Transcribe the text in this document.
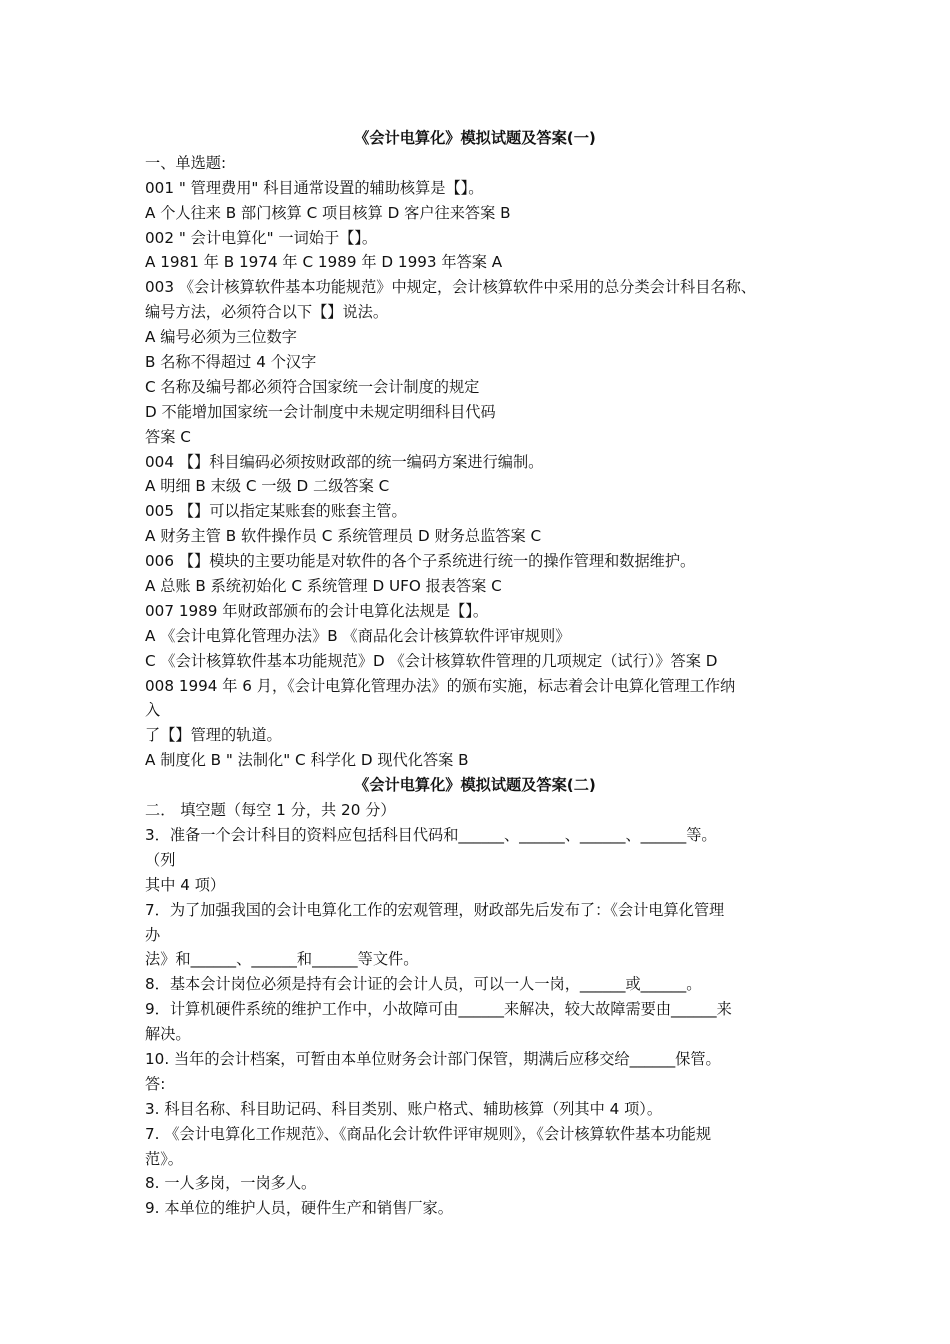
《会计电算化》模拟试题及答案(一)
一、单选题:
001 " 管理费用" 科目通常设置的辅助核算是【】。
A 个人往来 B 部门核算 C 项目核算 D 客户往来答案 B
002 " 会计电算化" 一词始于【】。
A 1981 年 B 1974 年 C 1989 年 D 1993 年答案 A
003 《会计核算软件基本功能规范》中规定，会计核算软件中采用的总分类会计科目名称、
编号方法，必须符合以下【】说法。
A 编号必须为三位数字
B 名称不得超过 4 个汉字
C 名称及编号都必须符合国家统一会计制度的规定
D 不能增加国家统一会计制度中未规定明细科目代码
答案 C
004 【】科目编码必须按财政部的统一编码方案进行编制。
A 明细 B 末级 C 一级 D 二级答案 C
005 【】可以指定某账套的账套主管。
A 财务主管 B 软件操作员 C 系统管理员 D 财务总监答案 C
006 【】模块的主要功能是对软件的各个子系统进行统一的操作管理和数据维护。
A 总账 B 系统初始化 C 系统管理 D UFO 报表答案 C
007 1989 年财政部颁布的会计电算化法规是【】。
A 《会计电算化管理办法》B 《商品化会计核算软件评审规则》
C 《会计核算软件基本功能规范》D 《会计核算软件管理的几项规定（试行）》答案 D
008 1994 年 6 月，《会计电算化管理办法》的颁布实施，标志着会计电算化管理工作纳
入
了【】管理的轨道。
A 制度化 B " 法制化" C 科学化 D 现代化答案 B
《会计电算化》模拟试题及答案(二)
二． 填空题（每空 1 分，共 20 分）
3．准备一个会计科目的资料应包括科目代码和______、______、______、______等。
（列
其中 4 项）
7．为了加强我国的会计电算化工作的宏观管理，财政部先后发布了：《会计电算化管理
办
法》和______、______和______等文件。
8．基本会计岗位必须是持有会计证的会计人员，可以一人一岗，______或______。
9．计算机硬件系统的维护工作中，小故障可由______来解决，较大故障需要由______来
解决。
10. 当年的会计档案，可暂由本单位财务会计部门保管，期满后应移交给______保管。
答:
3. 科目名称、科目助记码、科目类别、账户格式、辅助核算（列其中 4 项）。
7. 《会计电算化工作规范》、《商品化会计软件评审规则》，《会计核算软件基本功能规
范》。
8. 一人多岗，一岗多人。
9. 本单位的维护人员，硬件生产和销售厂家。
